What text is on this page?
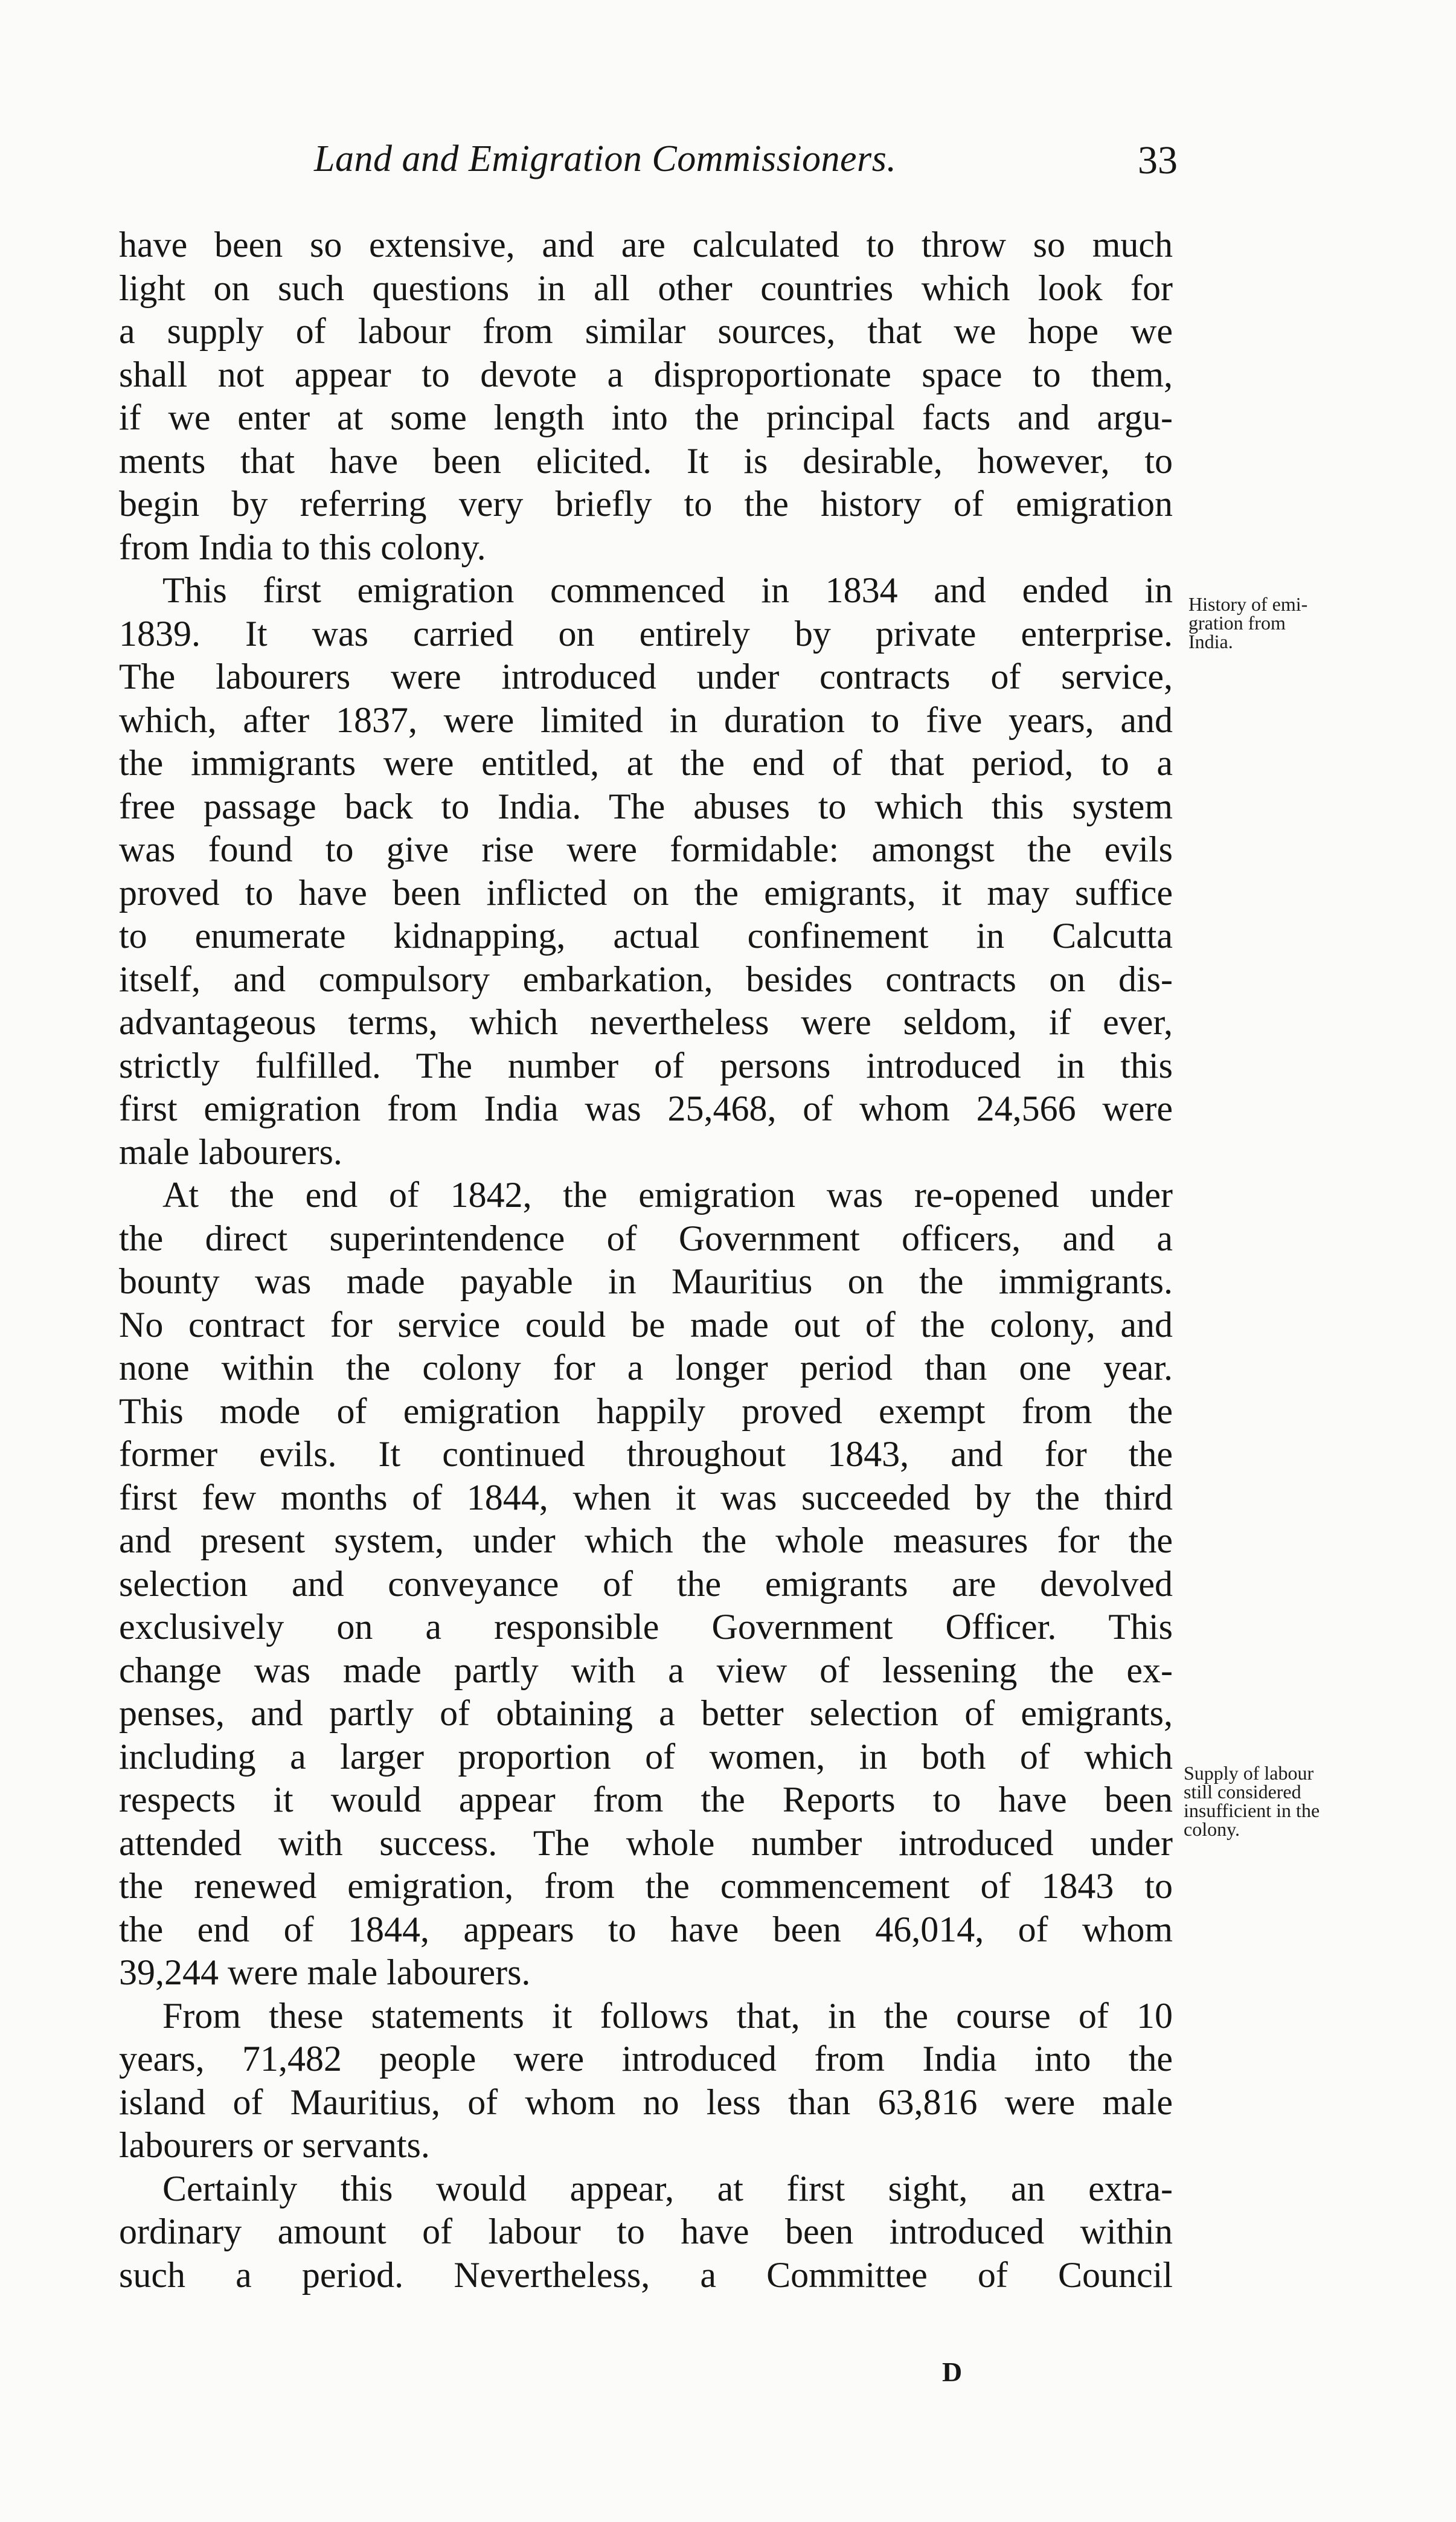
Land and Emigration Commissioners.	33
have been so extensive, and are calculated to throw so much
light on such questions in all other countries which look for
a supply of labour from similar sources, that we hope we
shall not appear to devote a disproportionate space to them,
if we enter at some length into the principal facts and argu-
ments that have been elicited. It is desirable, however, to
begin by referring very briefly to the history of emigration
from India to this colony.
This first emigration commenced in 1834 and ended in
1839. It was carried on entirely by private enterprise.
The labourers were introduced under contracts of service,
which, after 1837, were limited in duration to five years, and
the immigrants were entitled, at the end of that period, to a
free passage back to India. The abuses to which this system
was found to give rise were formidable: amongst the evils
proved to have been inflicted on the emigrants, it may suffice
to enumerate kidnapping, actual confinement in Calcutta
itself, and compulsory embarkation, besides contracts on dis-
advantageous terms, which nevertheless were seldom, if ever,
strictly fulfilled. The number of persons introduced in this
first emigration from India was 25,468, of whom 24,566 were
male labourers.
At the end of 1842, the emigration was re-opened under
the direct superintendence of Government officers, and a
bounty was made payable in Mauritius on the immigrants.
No contract for service could be made out of the colony, and
none within the colony for a longer period than one year.
This mode of emigration happily proved exempt from the
former evils. It continued throughout 1843, and for the
first few months of 1844, when it was succeeded by the third
and present system, under which the whole measures for the
selection and conveyance of the emigrants are devolved
exclusively on a responsible Government Officer. This
change was made partly with a view of lessening the ex-
penses, and partly of obtaining a better selection of emigrants,
including a larger proportion of women, in both of which
respects it would appear from the Reports to have been
attended with success. The whole number introduced under
the renewed emigration, from the commencement of 1843 to
the end of 1844, appears to have been 46,014, of whom
39,244 were male labourers.
From these statements it follows that, in the course of 10
years, 71,482 people were introduced from India into the
island of Mauritius, of whom no less than 63,816 were male
labourers or servants.
Certainly this would appear, at first sight, an extra-
ordinary amount of labour to have been introduced within
such a period. Nevertheless, a Committee of Council
History of emi-
gration from
India.
Supply of labour
still considered
insufficient in the
colony.
D
